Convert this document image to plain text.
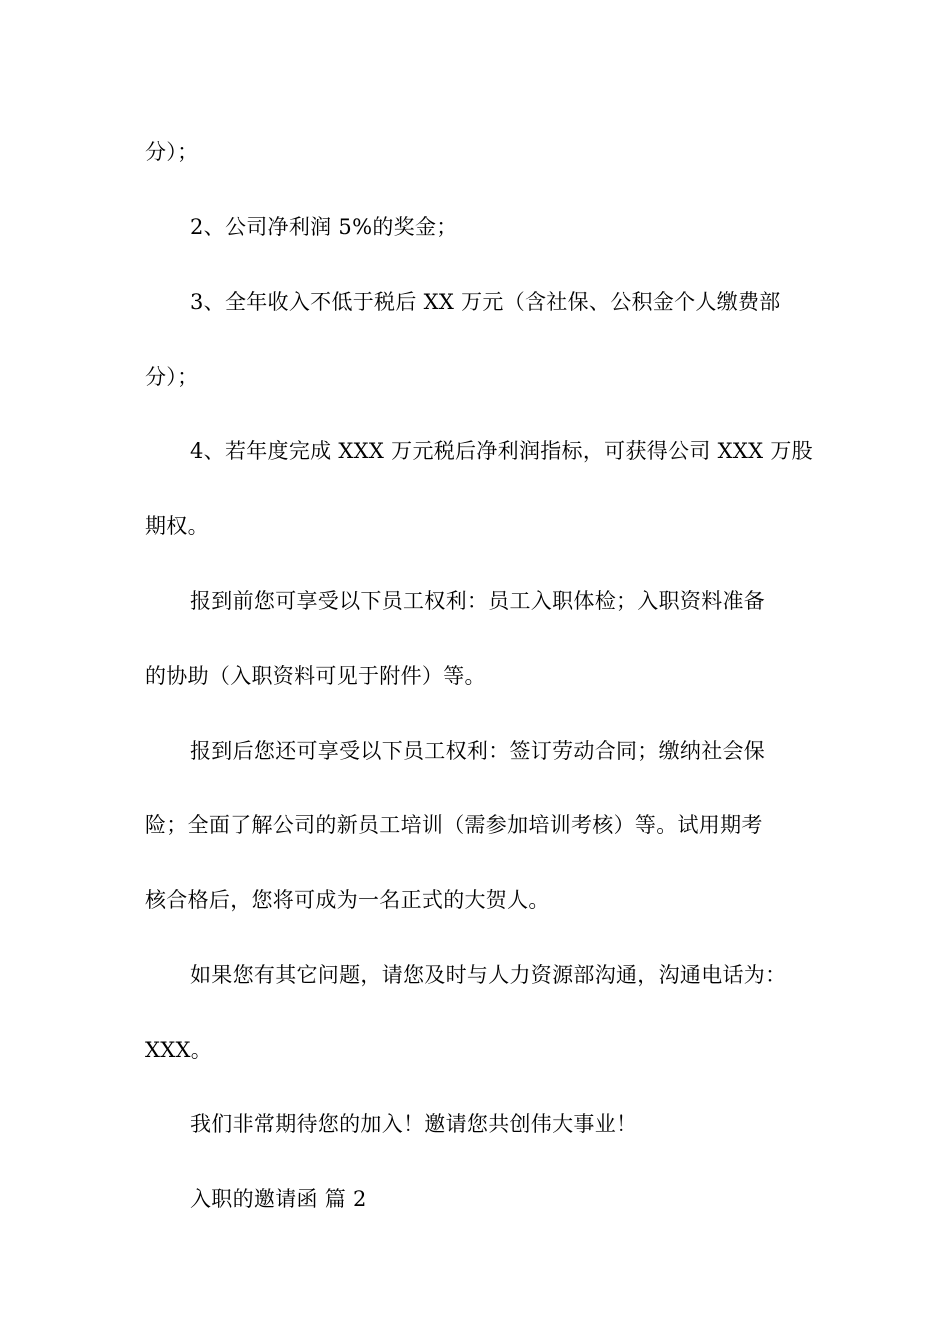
分）；

2、公司净利润 5%的奖金；

3、全年收入不低于税后 XX 万元（含社保、公积金个人缴费部

分）；

4、若年度完成 XXX 万元税后净利润指标，可获得公司 XXX 万股

期权。

报到前您可享受以下员工权利：员工入职体检；入职资料准备

的协助（入职资料可见于附件）等。

报到后您还可享受以下员工权利：签订劳动合同；缴纳社会保

险；全面了解公司的新员工培训（需参加培训考核）等。试用期考

核合格后，您将可成为一名正式的大贺人。

如果您有其它问题，请您及时与人力资源部沟通，沟通电话为：

XXX。

我们非常期待您的加入！邀请您共创伟大事业！

入职的邀请函 篇 2
